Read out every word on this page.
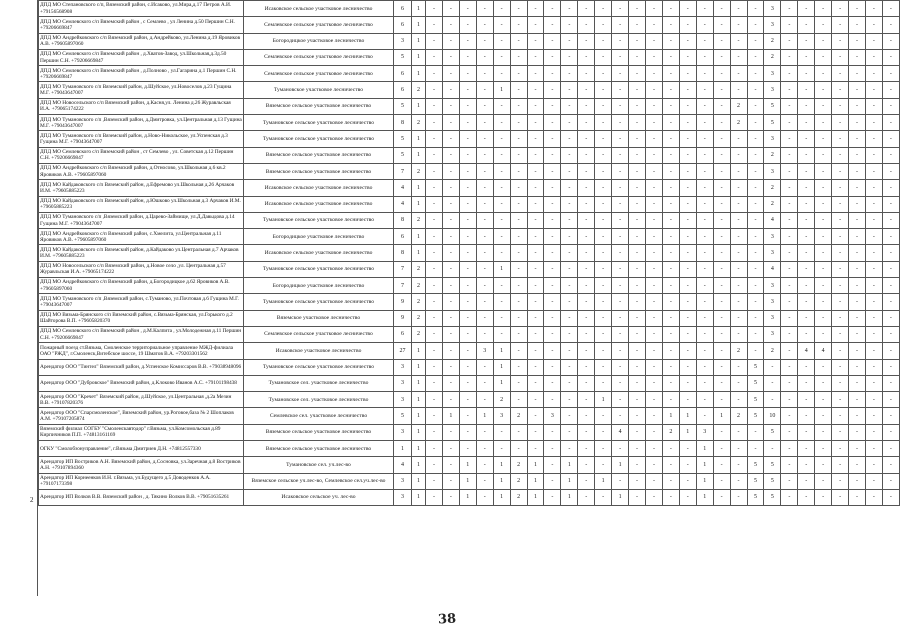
ДПД МО Степановского с/п, Вяземский район, с.Исаково, ул.Мира,д.17 Петров А.И. +79156568908	Исаковское сельское участковое лесничество	6	1	-	-	-	-	-	-	-	-	-	-	-	-	-	-	-	-	-	-	-	-	3	-	-	-	-	-	-	-
ДПД МО Семлевского с/п Вяземский район , с Семлево , ул Ленина д.50 Першин С.Н. +79206669847	Семлевское сельское участковое лесничество	6	1	-	-	-	-	-	-	-	-	-	-	-	-	-	-	-	-	-	-	-	-	3	-	-	-	-	-	-	-
ДПД МО Андрейковского с/п Вяземский район, д.Андрейково, ул.Ленина д.19 Яровиков А.В. +79605897060	Богородицкое участковое лесничество	3	1	-	-	-	-	-	-	-	-	-	-	-	-	-	-	-	-	-	-	-	-	2	-	-	-	-	-	-	-
ДПД МО Семлевского с/п Вяземский район , д.Хватов-Завод, ул.Школьная,д.3д.50 Першин С.Н. +79206669847	Семлевское сельское участковое лесничество	5	1	-	-	-	-	-	-	-	-	-	-	-	-	-	-	-	-	-	-	-	-	2	-	-	-	-	-	-	-
ДПД МО Семлевского с/п Вяземский район , д.Полново , ул.Гагарина д.1 Першин С.Н. +79206669847	Семлевское сельское участковое лесничество	6	1	-	-	-	-	-	-	-	-	-	-	-	-	-	-	-	-	-	-	-	-	3	-	-	-	-	-	-	-
ДПД МО Тумановского с/п Вяземский район, д.Шуйское, ул.Новоселов д.23 Гущина М.Г. +79043647007	Тумановское участковое лесничество	6	2	-	-	-	-	1	-	-	-	-	-	-	-	-	-	-	-	-	-	-	-	3	-	-	-	-	-	-	-
ДПД МО Новосельского с/п Вяземский район, д.Касня,ул. Ленина д.26 Журавльская И.А. +79065174222	Вяземское сельское участковое лесничество	5	1	-	-	-	-	-	-	-	-	-	-	-	-	-	-	-	-	-	-	2	-	5	-	-	-	-	-	-	-
ДПД МО Тумановского с/п ,Вяземский район, д.Дмитровка, ул.Центральная д.13 Гущина М.Г. +79043647007	Тумановское сельское участковое лесничество	8	2	-	-	-	-	-	-	-	-	-	-	-	-	-	-	-	-	-	-	2	-	5	-	-	-	-	-	-	-
ДПД МО Тумановского с/п Вяземский район, д.Ново-Никольское, ул.Успенская д.3 Гущина М.Г. +79043647007	Тумановское сельское участковое лесничество	5	1	-	-	-	-	-	-	-	-	-	-	-	-	-	-	-	-	-	-	-	-	3	-	-	-	-	-	-	-
ДПД МО Семлевского с/п Вяземский район , ст Семлево , ул. Советская д.12 Першин С.Н. +79206669847	Вяземское сельское участковое лесничество	5	1	-	-	-	-	-	-	-	-	-	-	-	-	-	-	-	-	-	-	-	-	2	-	-	-	-	-	-	-
ДПД МО Андрейковского с/п Вяземский район, д.Относово, ул.Школьная д.6 кв.2 Яровиков А.В. +79605897060	Вяземское сельское участковое лесничество	7	2	-	-	-	-	-	-	-	-	-	-	-	-	-	-	-	-	-	-	-	-	3	-	-	-	-	-	-	-
ДПД МО Кайдаковского с/п Вяземский район, д.Ефремово ул.Школьная д.26 Арчаков И.М. +79605885223	Исаковское сельское участковое лесничество	4	1	-	-	-	-	-	-	-	-	-	-	-	-	-	-	-	-	-	-	-	-	2	-	-	-	-	-	-	-
ДПД МО Кайдаковского с/п Вяземский район, д.Юшково ул.Школьная д.3 Арчаков И.М. +79605885223	Исаковское сельское участковое лесничество	4	1	-	-	-	-	-	-	-	-	-	-	-	-	-	-	-	-	-	-	-	-	2	-	-	-	-	-	-	-
ДПД МО Тумановского с/п ,Вяземский район, д.Царево-Займище, ул.Д.Давыдова д.14 Гущина М.Г. +79043647007	Тумановское сельское участковое лесничество	8	2	-	-	-	-	-	-	-	-	-	-	-	-	-	-	-	-	-	-	-	-	4	-	-	-	-	-	-	-
ДПД МО Андрейковского с/п Вяземский район, с.Хмелита, ул.Центральная д.11 Яровиков А.В. +79605897060	Богородицкое участковое лесничество	6	1	-	-	-	-	-	-	-	-	-	-	-	-	-	-	-	-	-	-	-	-	3	-	-	-	-	-	-	-
ДПД МО Кайдаковского с/п Вяземский район, д.Кайдаково ул.Центральная д.7 Арчаков И.М. +79605885223	Исаковское сельское участковое лесничество	8	1	-	-	-	-	-	-	-	-	-	-	-	-	-	-	-	-	-	-	-	-	3	-	-	-	-	-	-	-
ДПД МО Новосельского с/п Вяземский район, д.Новое село ,ул. Центральная д.57 Журавльская И.А. +79065174222	Тумановское сельское участковое лесничество	7	2	-	-	-	-	1	-	-	-	-	-	-	-	-	-	-	-	-	-	-	-	4	-	-	-	-	-	-	-
ДПД МО Андрейковского с/п Вяземский район, д.Богородицкое д.62 Яровиков А.В. +79605897060	Богородицкое участковое лесничество	7	2	-	-	-	-	-	-	-	-	-	-	-	-	-	-	-	-	-	-	-	-	3	-	-	-	-	-	-	-
ДПД МО Тумановского с/п ,Вяземский район, с.Туманово, ул.Почтовая д.6 Гущина М.Г. +79043647007	Тумановское сельское участковое лесничество	9	2	-	-	-	-	-	-	-	-	-	-	-	-	-	-	-	-	-	-	-	-	3	-	-	-	-	-	-	-
ДПД МО Вязьма-Брянского с/п Вяземский район, с.Вязьма-Брянская, ул.Горького д.2 Шайторова В.П. +79605820370	Вяземское участковое лесничество	9	2	-	-	-	-	-	-	-	-	-	-	-	-	-	-	-	-	-	-	-	-	3	-	-	-	-	-	-	-
ДПД МО Семлевского с/п Вяземский район , д.М.Калпита , ул.Молодежная д.11 Першин С.Н. +79206669847	Семлевское сельское участковое лесничество	6	2	-	-	-	-	-	-	-	-	-	-	-	-	-	-	-	-	-	-	-	-	3	-	-	-	-	-	-	-
Пожарный поезд ст.Вязьма, Смоленское территориальное управление МЖД-филиала ОАО "РЖД", г.Смоленск,Витебское шоссе, 19 Шматов В.А. +79203301562	Исаковское участковое лесничество	27	1	-	-	-	3	1	-	-	-	-	-	-	-	-	-	-	-	-	-	2	-	2	-	4	4	-	-	-	-
Арендатор ООО "Тинтел" Вяземский район, д.Успенское Комиссаров В.В. +79038948096	Тумановское сельское участковое лесничество	3	1	-	-	-	-	1	-	-	-	-	-	-	-	-	-	-	-	-	-	-	5	-	-	-	-	-	-	-	-
Арендатор ООО "Дубровское" Вяземский район, д.Клоково Иванов А.С. +79101198438	Тумановское сел. участковое лесничество	3	1	-	-	-	-	1	-	-	-	-	-	-	-	-	-	-	-	-	-	-	5	-	-	-	-	-	-	-	-
Арендатор ООО "Кречет" Вяземский район, д.Шуйское, ул.Центральная ,д.2а Мезин В.В. +79107820376	Тумановское сел. участковое лесничество	3	1	-	-	-	-	2	-	-	-	-	-	1	-	-	-	-	-	-	-	-	5	-	-	-	-	-	-	-	-
Арендатор ООО "Спарсмоленское", Вяземский район, ур.Роговое,база № 2 Шоплаков А.М. +79107205874	Семлевское сел. участковое лесничество	5	1	-	1	-	1	3	2	-	3	-	-	-	-	-	-	1	1	-	1	2	5	10	-	-	-	-	-	-	-
Вяземский филиал СОГБУ "Смоленскавтодор" г.Вязьма, ул.Комсомольская д.89 Кирпичников П.П. +74813161169	Вяземское сельское участковое лесничество	3	1	-	-	-	-	-	-	-	-	-	-	-	4	-	-	2	1	3	-	-	-	5	-	-	-	-	-	-	-
ОГКУ "Смолобзонуправление", г.Вязьма Дмитриев Д.Н. +74812557330	Вяземское сельское участковое лесничество	1	1	-	-	-	-	-	-	-	-	-	-	-	-	-	-	-	-	1	-	-	-	-	-	-	-	-	-	-	-
Арендатор ИП Востриков А.Н. Вяземский район, д.Сосновка, ул.Заречная д.8 Востриков А.Н. +79107894360	Тумановское сел. уч.лес-во	4	1	-	-	1	-	1	2	1	-	1	-	-	1	-	-	-	-	1	-	-	5	5	-	-	-	-	-	-	-
Арендатор ИП Корнеенков И.Н. г.Вязьма, ул.Будущего д.5 Доводенков А.А. +79107173398	Вяземское сельское уч.лес-во, Семлевское сел.уч.лес-во	3	1	-	-	1	-	1	2	1	-	1	-	1	-	-	-	-	-	1	-	-	5	5	-	-	-	-	-	-	-
Арендатор ИП Волков В.В. Вяземский район , д. Тякино Волков В.В. +79051635261	Исаковское сельское уч. лес-во	3	1	-	-	1	-	1	2	1	-	1	-	-	1	-	-	-	-	1	-	-	5	5	-	-	-	-	-	-	-
2
38
